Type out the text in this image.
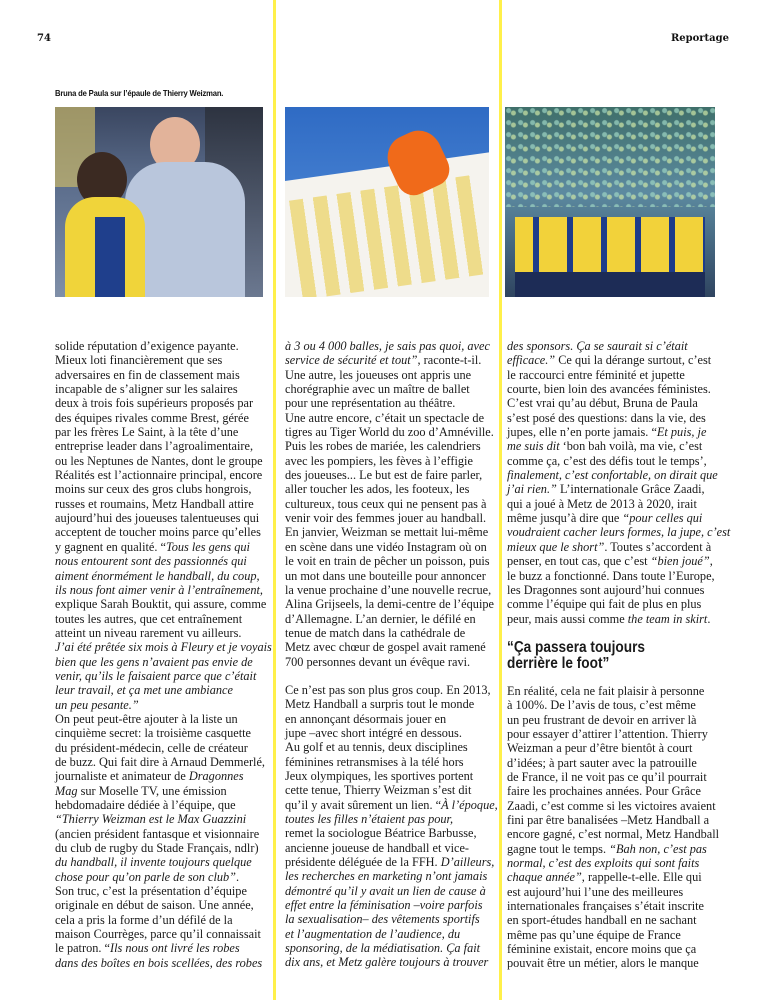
74	Reportage
Bruna de Paula sur l’épaule de Thierry Weizman.
solide réputation d’exigence payante.
Mieux loti financièrement que ses
adversaires en fin de classement mais
incapable de s’aligner sur les salaires
deux à trois fois supérieurs proposés par
des équipes rivales comme Brest, gérée
par les frères Le Saint, à la tête d’une
entreprise leader dans l’agroalimentaire,
ou les Neptunes de Nantes, dont le groupe
Réalités est l’actionnaire principal, encore
moins sur ceux des gros clubs hongrois,
russes et roumains, Metz Handball attire
aujourd’hui des joueuses talentueuses qui
acceptent de toucher moins parce qu’elles
y gagnent en qualité. “Tous les gens qui
nous entourent sont des passionnés qui
aiment énormément le handball, du coup,
ils nous font aimer venir à l’entraînement,
explique Sarah Bouktit, qui assure, comme
toutes les autres, que cet entraînement
atteint un niveau rarement vu ailleurs.
J’ai été prêtée six mois à Fleury et je voyais
bien que les gens n’avaient pas envie de
venir, qu’ils le faisaient parce que c’était
leur travail, et ça met une ambiance
un peu pesante.”
On peut peut-être ajouter à la liste un
cinquième secret: la troisième casquette
du président-médecin, celle de créateur
de buzz. Qui fait dire à Arnaud Demmerlé,
journaliste et animateur de Dragonnes
Mag sur Moselle TV, une émission
hebdomadaire dédiée à l’équipe, que
“Thierry Weizman est le Max Guazzini
(ancien président fantasque et visionnaire
du club de rugby du Stade Français, ndlr)
du handball, il invente toujours quelque
chose pour qu’on parle de son club”.
Son truc, c’est la présentation d’équipe
originale en début de saison. Une année,
cela a pris la forme d’un défilé de la
maison Courrèges, parce qu’il connaissait
le patron. “Ils nous ont livré les robes
dans des boîtes en bois scellées, des robes
à 3 ou 4 000 balles, je sais pas quoi, avec
service de sécurité et tout”, raconte-t-il.
Une autre, les joueuses ont appris une
chorégraphie avec un maître de ballet
pour une représentation au théâtre.
Une autre encore, c’était un spectacle de
tigres au Tiger World du zoo d’Amnéville.
Puis les robes de mariée, les calendriers
avec les pompiers, les fèves à l’effigie
des joueuses... Le but est de faire parler,
aller toucher les ados, les footeux, les
cultureux, tous ceux qui ne pensent pas à
venir voir des femmes jouer au handball.
En janvier, Weizman se mettait lui-même
en scène dans une vidéo Instagram où on
le voit en train de pêcher un poisson, puis
un mot dans une bouteille pour annoncer
la venue prochaine d’une nouvelle recrue,
Alina Grijseels, la demi-centre de l’équipe
d’Allemagne. L’an dernier, le défilé en
tenue de match dans la cathédrale de
Metz avec chœur de gospel avait ramené
700 personnes devant un évêque ravi.
Ce n’est pas son plus gros coup. En 2013,
Metz Handball a surpris tout le monde
en annonçant désormais jouer en
jupe –avec short intégré en dessous.
Au golf et au tennis, deux disciplines
féminines retransmises à la télé hors
Jeux olympiques, les sportives portent
cette tenue, Thierry Weizman s’est dit
qu’il y avait sûrement un lien. “À l’époque,
toutes les filles n’étaient pas pour,
remet la sociologue Béatrice Barbusse,
ancienne joueuse de handball et vice-
présidente déléguée de la FFH. D’ailleurs,
les recherches en marketing n’ont jamais
démontré qu’il y avait un lien de cause à
effet entre la féminisation –voire parfois
la sexualisation– des vêtements sportifs
et l’augmentation de l’audience, du
sponsoring, de la médiatisation. Ça fait
dix ans, et Metz galère toujours à trouver
des sponsors. Ça se saurait si c’était
efficace.” Ce qui la dérange surtout, c’est
le raccourci entre féminité et jupette
courte, bien loin des avancées féministes.
C’est vrai qu’au début, Bruna de Paula
s’est posé des questions: dans la vie, des
jupes, elle n’en porte jamais. “Et puis, je
me suis dit ‘bon bah voilà, ma vie, c’est
comme ça, c’est des défis tout le temps’,
finalement, c’est confortable, on dirait que
j’ai rien.” L’internationale Grâce Zaadi,
qui a joué à Metz de 2013 à 2020, irait
même jusqu’à dire que “pour celles qui
voudraient cacher leurs formes, la jupe, c’est
mieux que le short”. Toutes s’accordent à
penser, en tout cas, que c’est “bien joué”,
le buzz a fonctionné. Dans toute l’Europe,
les Dragonnes sont aujourd’hui connues
comme l’équipe qui fait de plus en plus
peur, mais aussi comme the team in skirt.
“Ça passera toujours
derrière le foot”
En réalité, cela ne fait plaisir à personne
à 100%. De l’avis de tous, c’est même
un peu frustrant de devoir en arriver là
pour essayer d’attirer l’attention. Thierry
Weizman a peur d’être bientôt à court
d’idées; à part sauter avec la patrouille
de France, il ne voit pas ce qu’il pourrait
faire les prochaines années. Pour Grâce
Zaadi, c’est comme si les victoires avaient
fini par être banalisées –Metz Handball a
encore gagné, c’est normal, Metz Handball
gagne tout le temps. “Bah non, c’est pas
normal, c’est des exploits qui sont faits
chaque année”, rappelle-t-elle. Elle qui
est aujourd’hui l’une des meilleures
internationales françaises s’était inscrite
en sport-études handball en ne sachant
même pas qu’une équipe de France
féminine existait, encore moins que ça
pouvait être un métier, alors le manque
